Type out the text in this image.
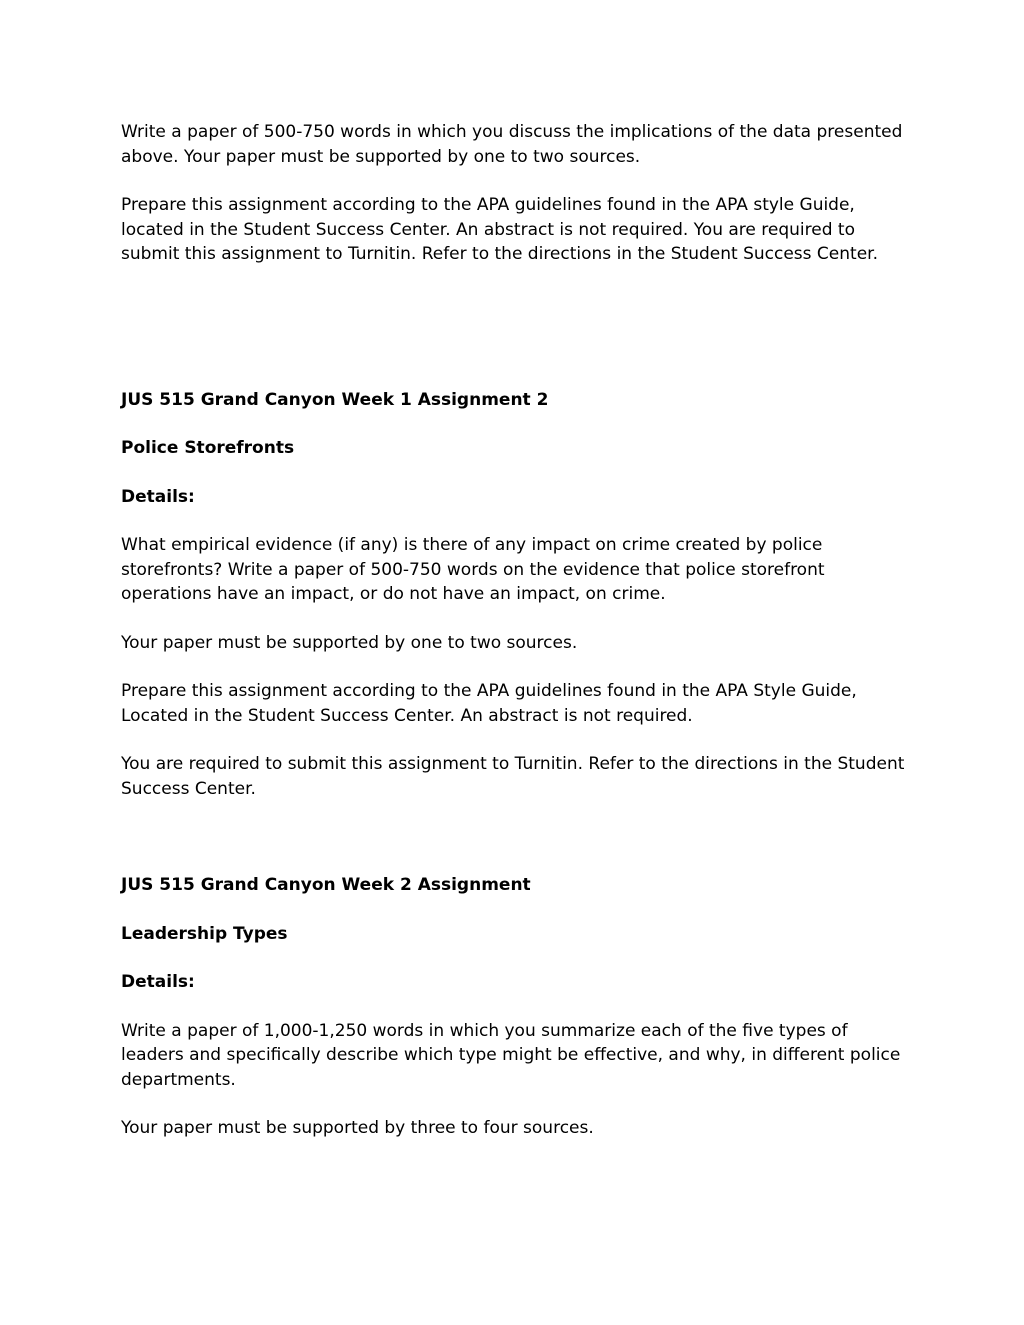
Write a paper of 500-750 words in which you discuss the implications of the data presented above. Your paper must be supported by one to two sources.

Prepare this assignment according to the APA guidelines found in the APA style Guide, located in the Student Success Center. An abstract is not required. You are required to submit this assignment to Turnitin. Refer to the directions in the Student Success Center.

JUS 515 Grand Canyon Week 1 Assignment 2

Police Storefronts

Details:

What empirical evidence (if any) is there of any impact on crime created by police storefronts? Write a paper of 500-750 words on the evidence that police storefront operations have an impact, or do not have an impact, on crime.

Your paper must be supported by one to two sources.

Prepare this assignment according to the APA guidelines found in the APA Style Guide, Located in the Student Success Center. An abstract is not required.

You are required to submit this assignment to Turnitin. Refer to the directions in the Student Success Center.

JUS 515 Grand Canyon Week 2 Assignment

Leadership Types

Details:

Write a paper of 1,000-1,250 words in which you summarize each of the five types of leaders and specifically describe which type might be effective, and why, in different police departments.

Your paper must be supported by three to four sources.
